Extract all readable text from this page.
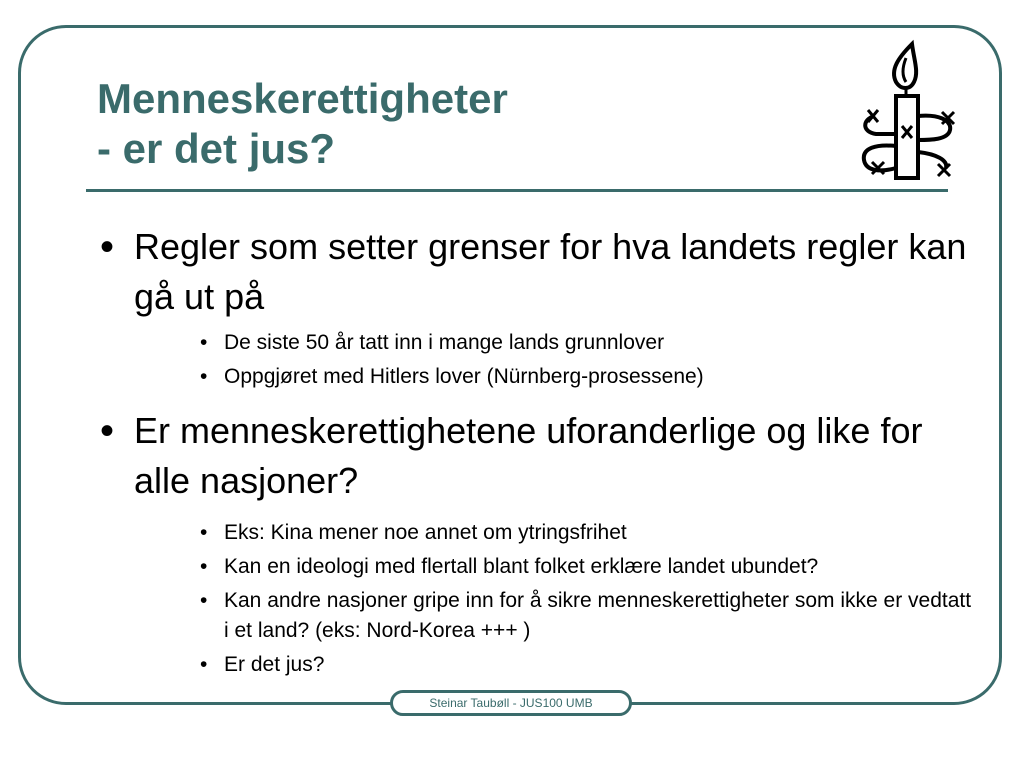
Menneskerettigheter
- er det jus?

• Regler som setter grenser for hva landets regler kan gå ut på

• De siste 50 år tatt inn i mange lands grunnlover

• Oppgjøret med Hitlers lover (Nürnberg-prosessene)

• Er menneskerettighetene uforanderlige og like for alle nasjoner?

• Eks: Kina mener noe annet om ytringsfrihet

• Kan en ideologi med flertall blant folket erklære landet ubundet?

• Kan andre nasjoner gripe inn for å sikre menneskerettigheter som ikke er vedtatt i et land? (eks: Nord-Korea +++ )

• Er det jus?

Steinar Taubøll - JUS100 UMB
